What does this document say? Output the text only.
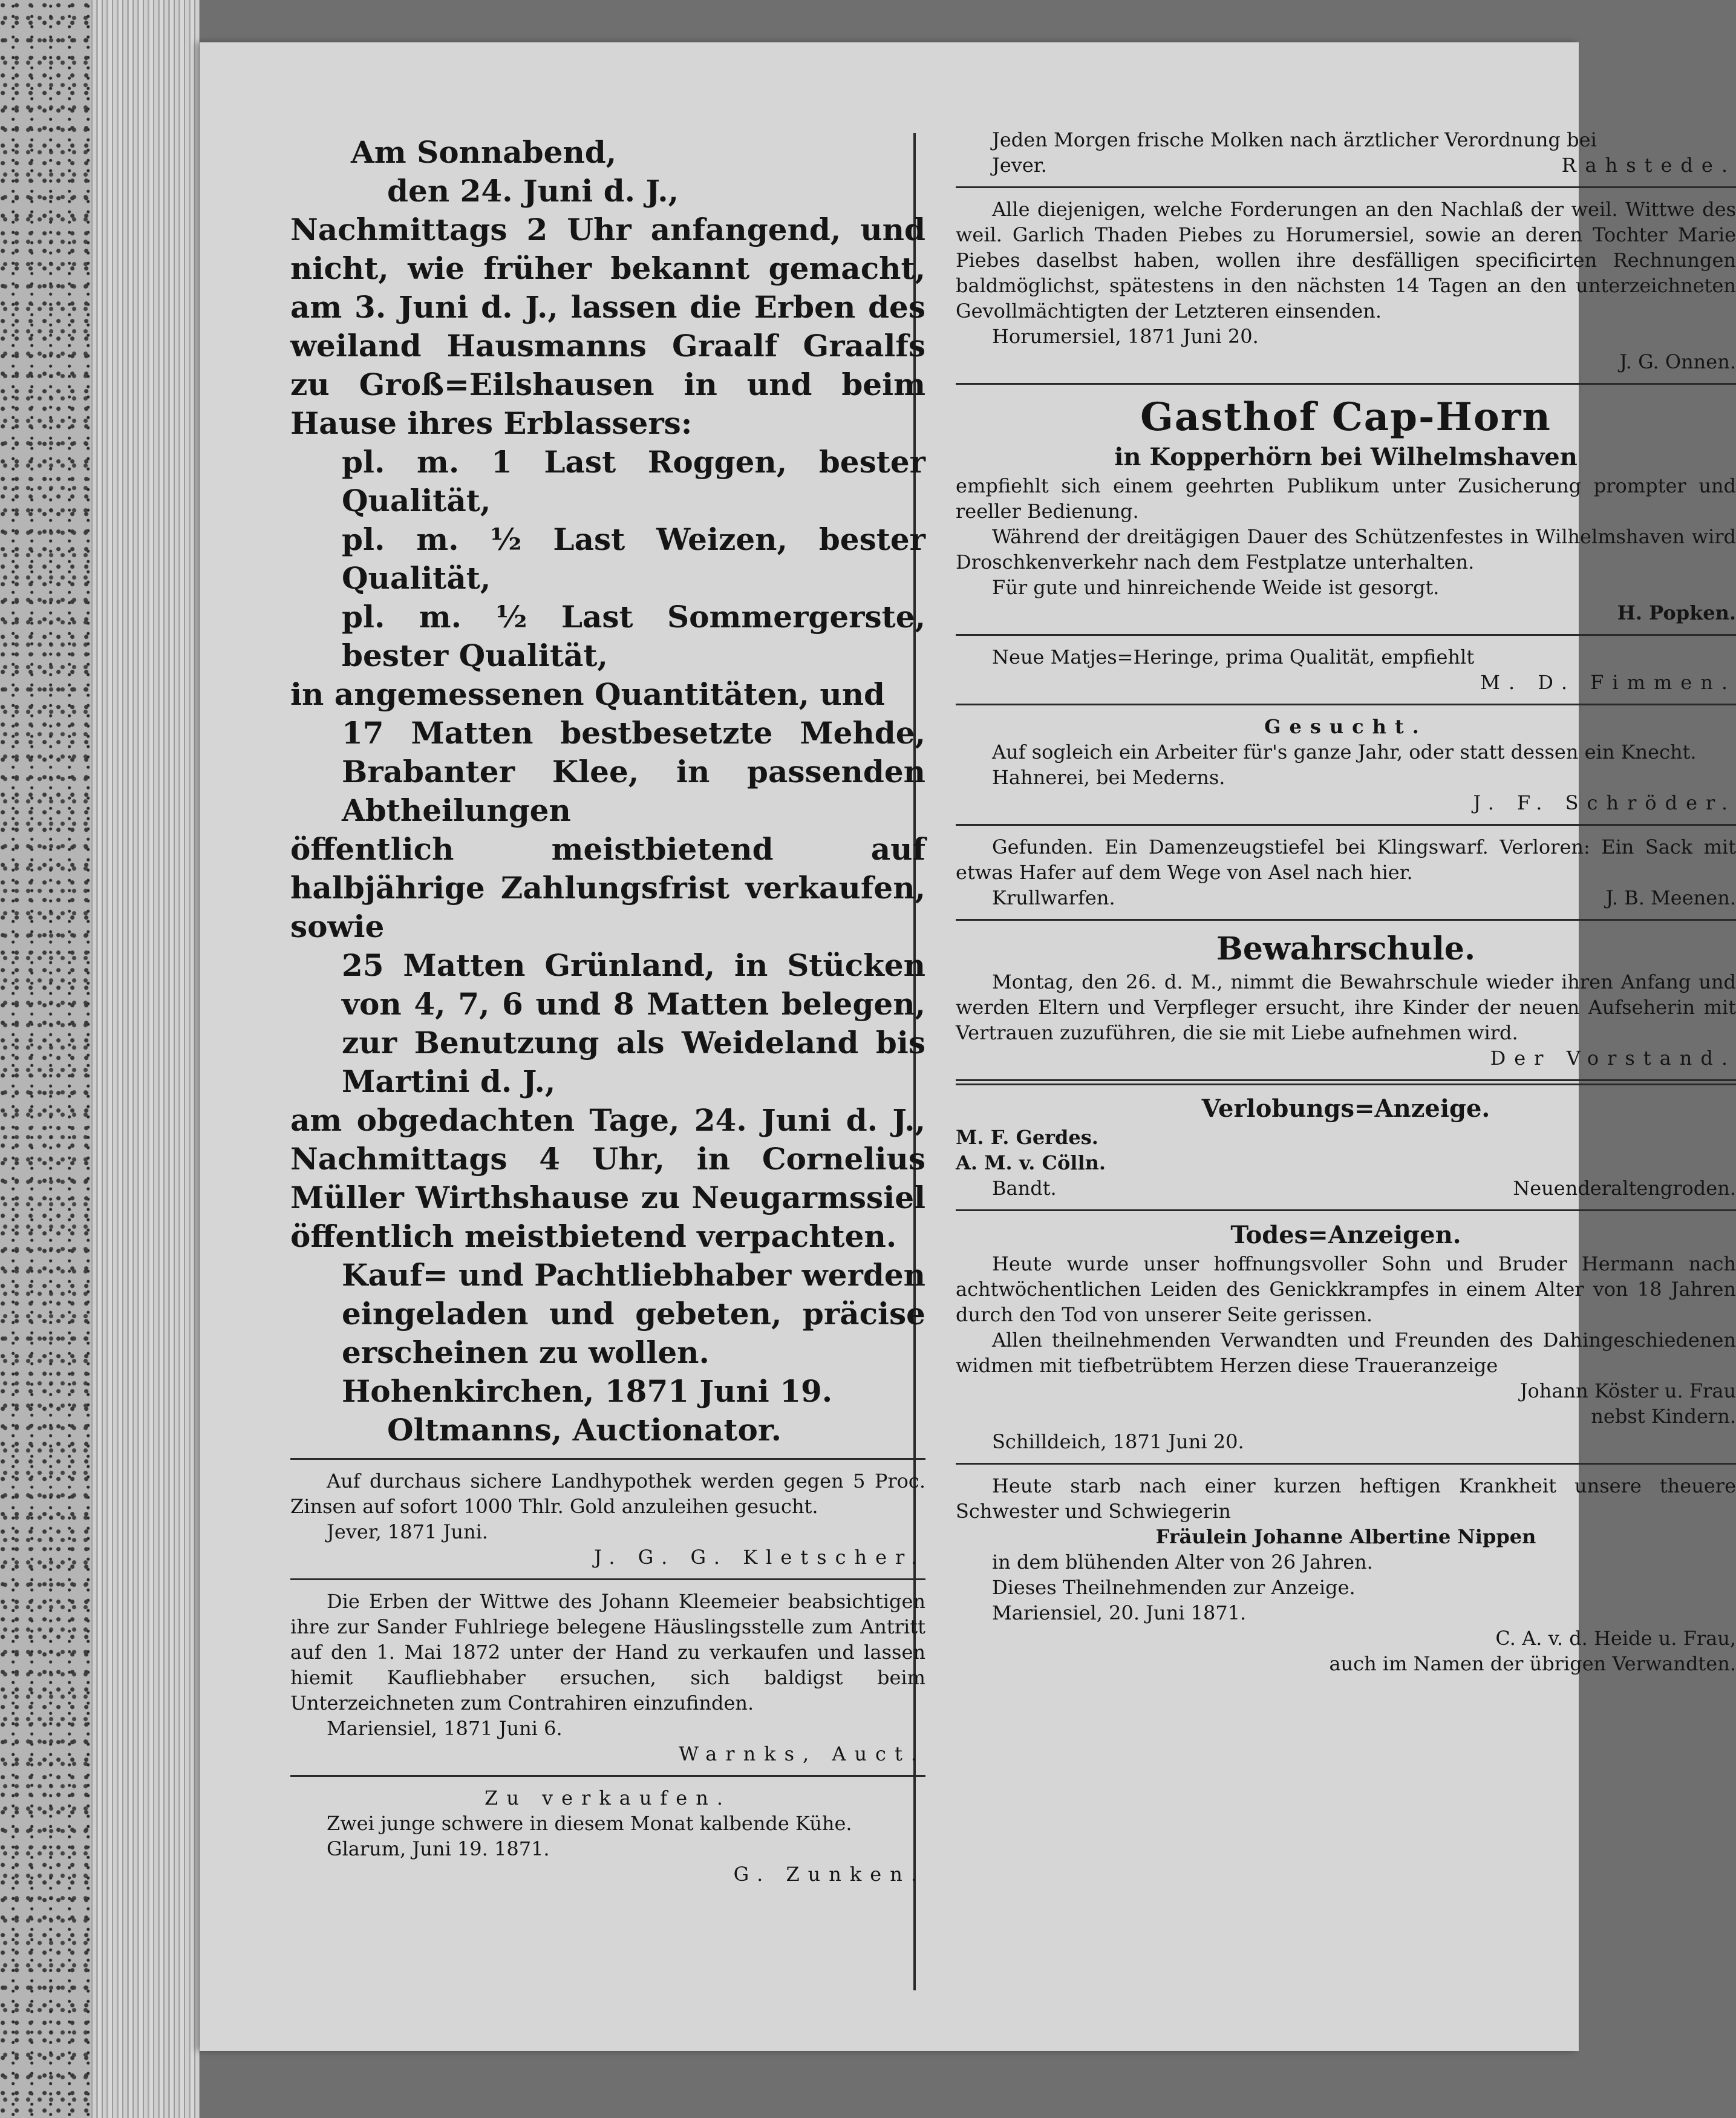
Am Sonnabend,
den 24. Juni d. J.,
Nachmittags 2 Uhr anfangend, und nicht, wie früher bekannt gemacht, am 3. Juni d. J., lassen die Erben des weiland Hausmanns Graalf Graalfs zu Groß=Eilshausen in und beim Hause ihres Erblassers:
pl. m. 1 Last Roggen, bester Qualität,
pl. m. ½ Last Weizen, bester Qualität,
pl. m. ½ Last Sommergerste, bester Qualität,
in angemessenen Quantitäten, und
17 Matten bestbesetzte Mehde, Brabanter Klee, in passenden Abtheilungen
öffentlich meistbietend auf halbjährige Zahlungsfrist verkaufen, sowie
25 Matten Grünland, in Stücken von 4, 7, 6 und 8 Matten belegen, zur Benutzung als Weideland bis Martini d. J.,
am obgedachten Tage, 24. Juni d. J., Nachmittags 4 Uhr, in Cornelius Müller Wirthshause zu Neugarmssiel öffentlich meistbietend verpachten.
Kauf= und Pachtliebhaber werden eingeladen und gebeten, präcise erscheinen zu wollen.
Hohenkirchen, 1871 Juni 19.
Oltmanns, Auctionator.
Auf durchaus sichere Landhypothek werden gegen 5 Proc. Zinsen auf sofort 1000 Thlr. Gold anzuleihen gesucht.
Jever, 1871 Juni.
J. G. G. Kletscher.
Die Erben der Wittwe des Johann Kleemeier beabsichtigen ihre zur Sander Fuhlriege belegene Häuslingsstelle zum Antritt auf den 1. Mai 1872 unter der Hand zu verkaufen und lassen hiemit Kaufliebhaber ersuchen, sich baldigst beim Unterzeichneten zum Contrahiren einzufinden.
Mariensiel, 1871 Juni 6.
Warnks, Auct.
Zu verkaufen.
Zwei junge schwere in diesem Monat kalbende Kühe.
Glarum, Juni 19. 1871.
G. Zunken.
Jeden Morgen frische Molken nach ärztlicher Verordnung bei
Jever.	Rahstede.
Alle diejenigen, welche Forderungen an den Nachlaß der weil. Wittwe des weil. Garlich Thaden Piebes zu Horumersiel, sowie an deren Tochter Marie Piebes daselbst haben, wollen ihre desfälligen specificirten Rechnungen baldmöglichst, spätestens in den nächsten 14 Tagen an den unterzeichneten Gevollmächtigten der Letzteren einsenden.
Horumersiel, 1871 Juni 20.
J. G. Onnen.
Gasthof Cap-Horn
in Kopperhörn bei Wilhelmshaven
empfiehlt sich einem geehrten Publikum unter Zusicherung prompter und reeller Bedienung.
Während der dreitägigen Dauer des Schützenfestes in Wilhelmshaven wird Droschkenverkehr nach dem Festplatze unterhalten.
Für gute und hinreichende Weide ist gesorgt.
H. Popken.
Neue Matjes=Heringe, prima Qualität, empfiehlt
M. D. Fimmen.
Gesucht.
Auf sogleich ein Arbeiter für's ganze Jahr, oder statt dessen ein Knecht.
Hahnerei, bei Mederns.
J. F. Schröder.
Gefunden. Ein Damenzeugstiefel bei Klingswarf. Verloren: Ein Sack mit etwas Hafer auf dem Wege von Asel nach hier.
Krullwarfen.	J. B. Meenen.
Bewahrschule.
Montag, den 26. d. M., nimmt die Bewahrschule wieder ihren Anfang und werden Eltern und Verpfleger ersucht, ihre Kinder der neuen Aufseherin mit Vertrauen zuzuführen, die sie mit Liebe aufnehmen wird.
Der Vorstand.
Verlobungs=Anzeige.
M. F. Gerdes.
A. M. v. Cölln.
Bandt.	Neuenderaltengroden.
Todes=Anzeigen.
Heute wurde unser hoffnungsvoller Sohn und Bruder Hermann nach achtwöchentlichen Leiden des Genickkrampfes in einem Alter von 18 Jahren durch den Tod von unserer Seite gerissen.
Allen theilnehmenden Verwandten und Freunden des Dahingeschiedenen widmen mit tiefbetrübtem Herzen diese Traueranzeige
Johann Köster u. Frau
nebst Kindern.
Schilldeich, 1871 Juni 20.
Heute starb nach einer kurzen heftigen Krankheit unsere theuere Schwester und Schwiegerin
Fräulein Johanne Albertine Nippen
in dem blühenden Alter von 26 Jahren.
Dieses Theilnehmenden zur Anzeige.
Mariensiel, 20. Juni 1871.
C. A. v. d. Heide u. Frau,
auch im Namen der übrigen Verwandten.
